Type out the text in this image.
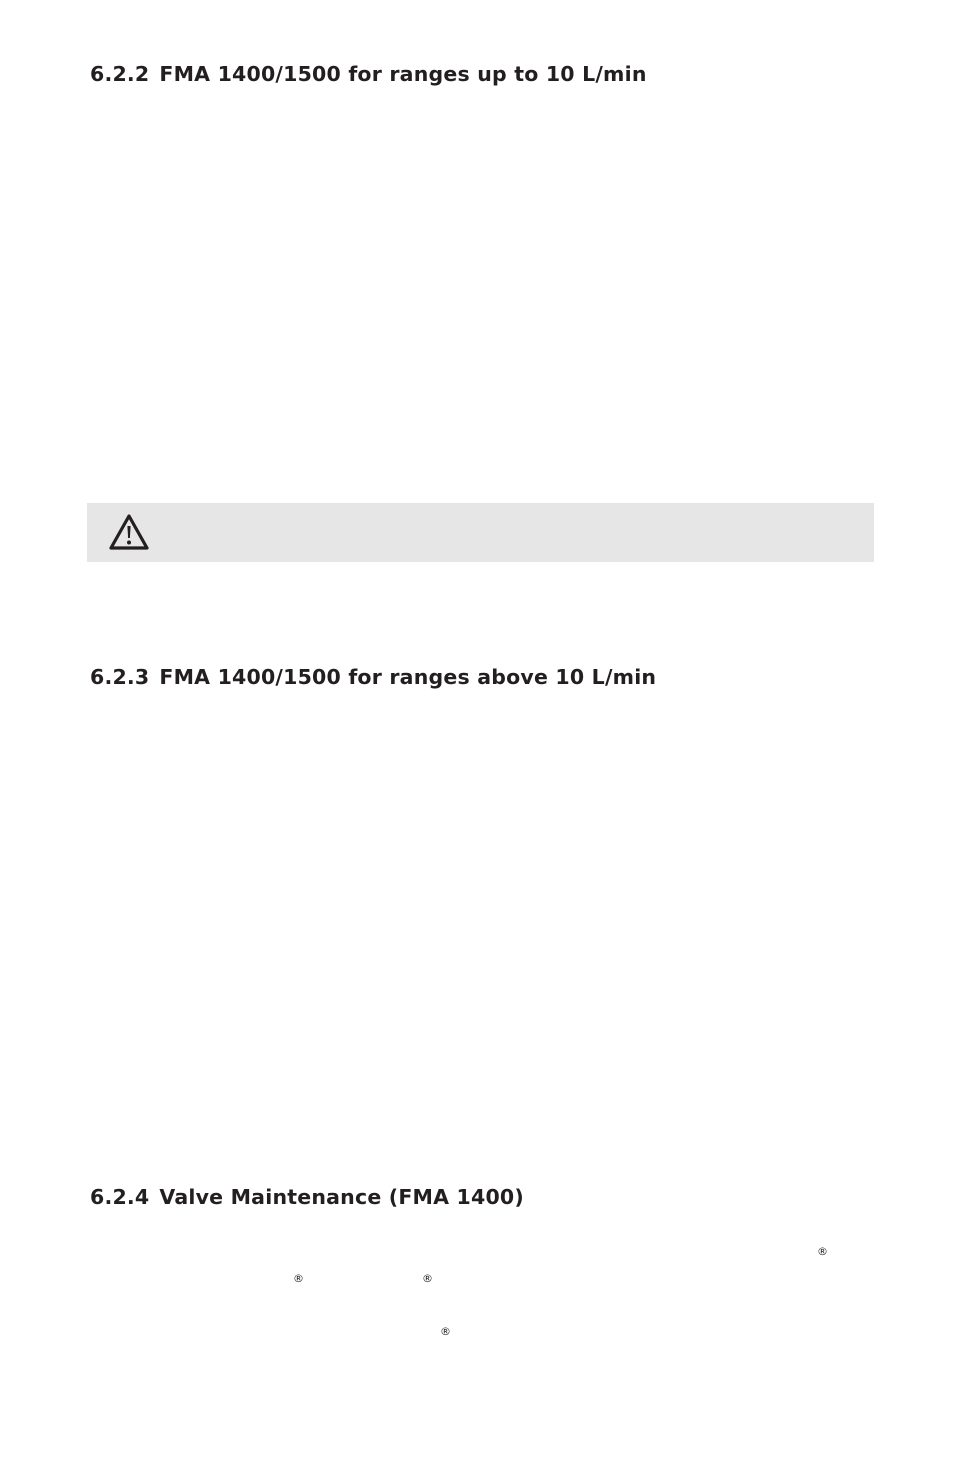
6.2.2 FMA 1400/1500 for ranges up to 10 L/min
6.2.3 FMA 1400/1500 for ranges above 10 L/min
6.2.4 Valve Maintenance (FMA 1400)
®
®	®
®
